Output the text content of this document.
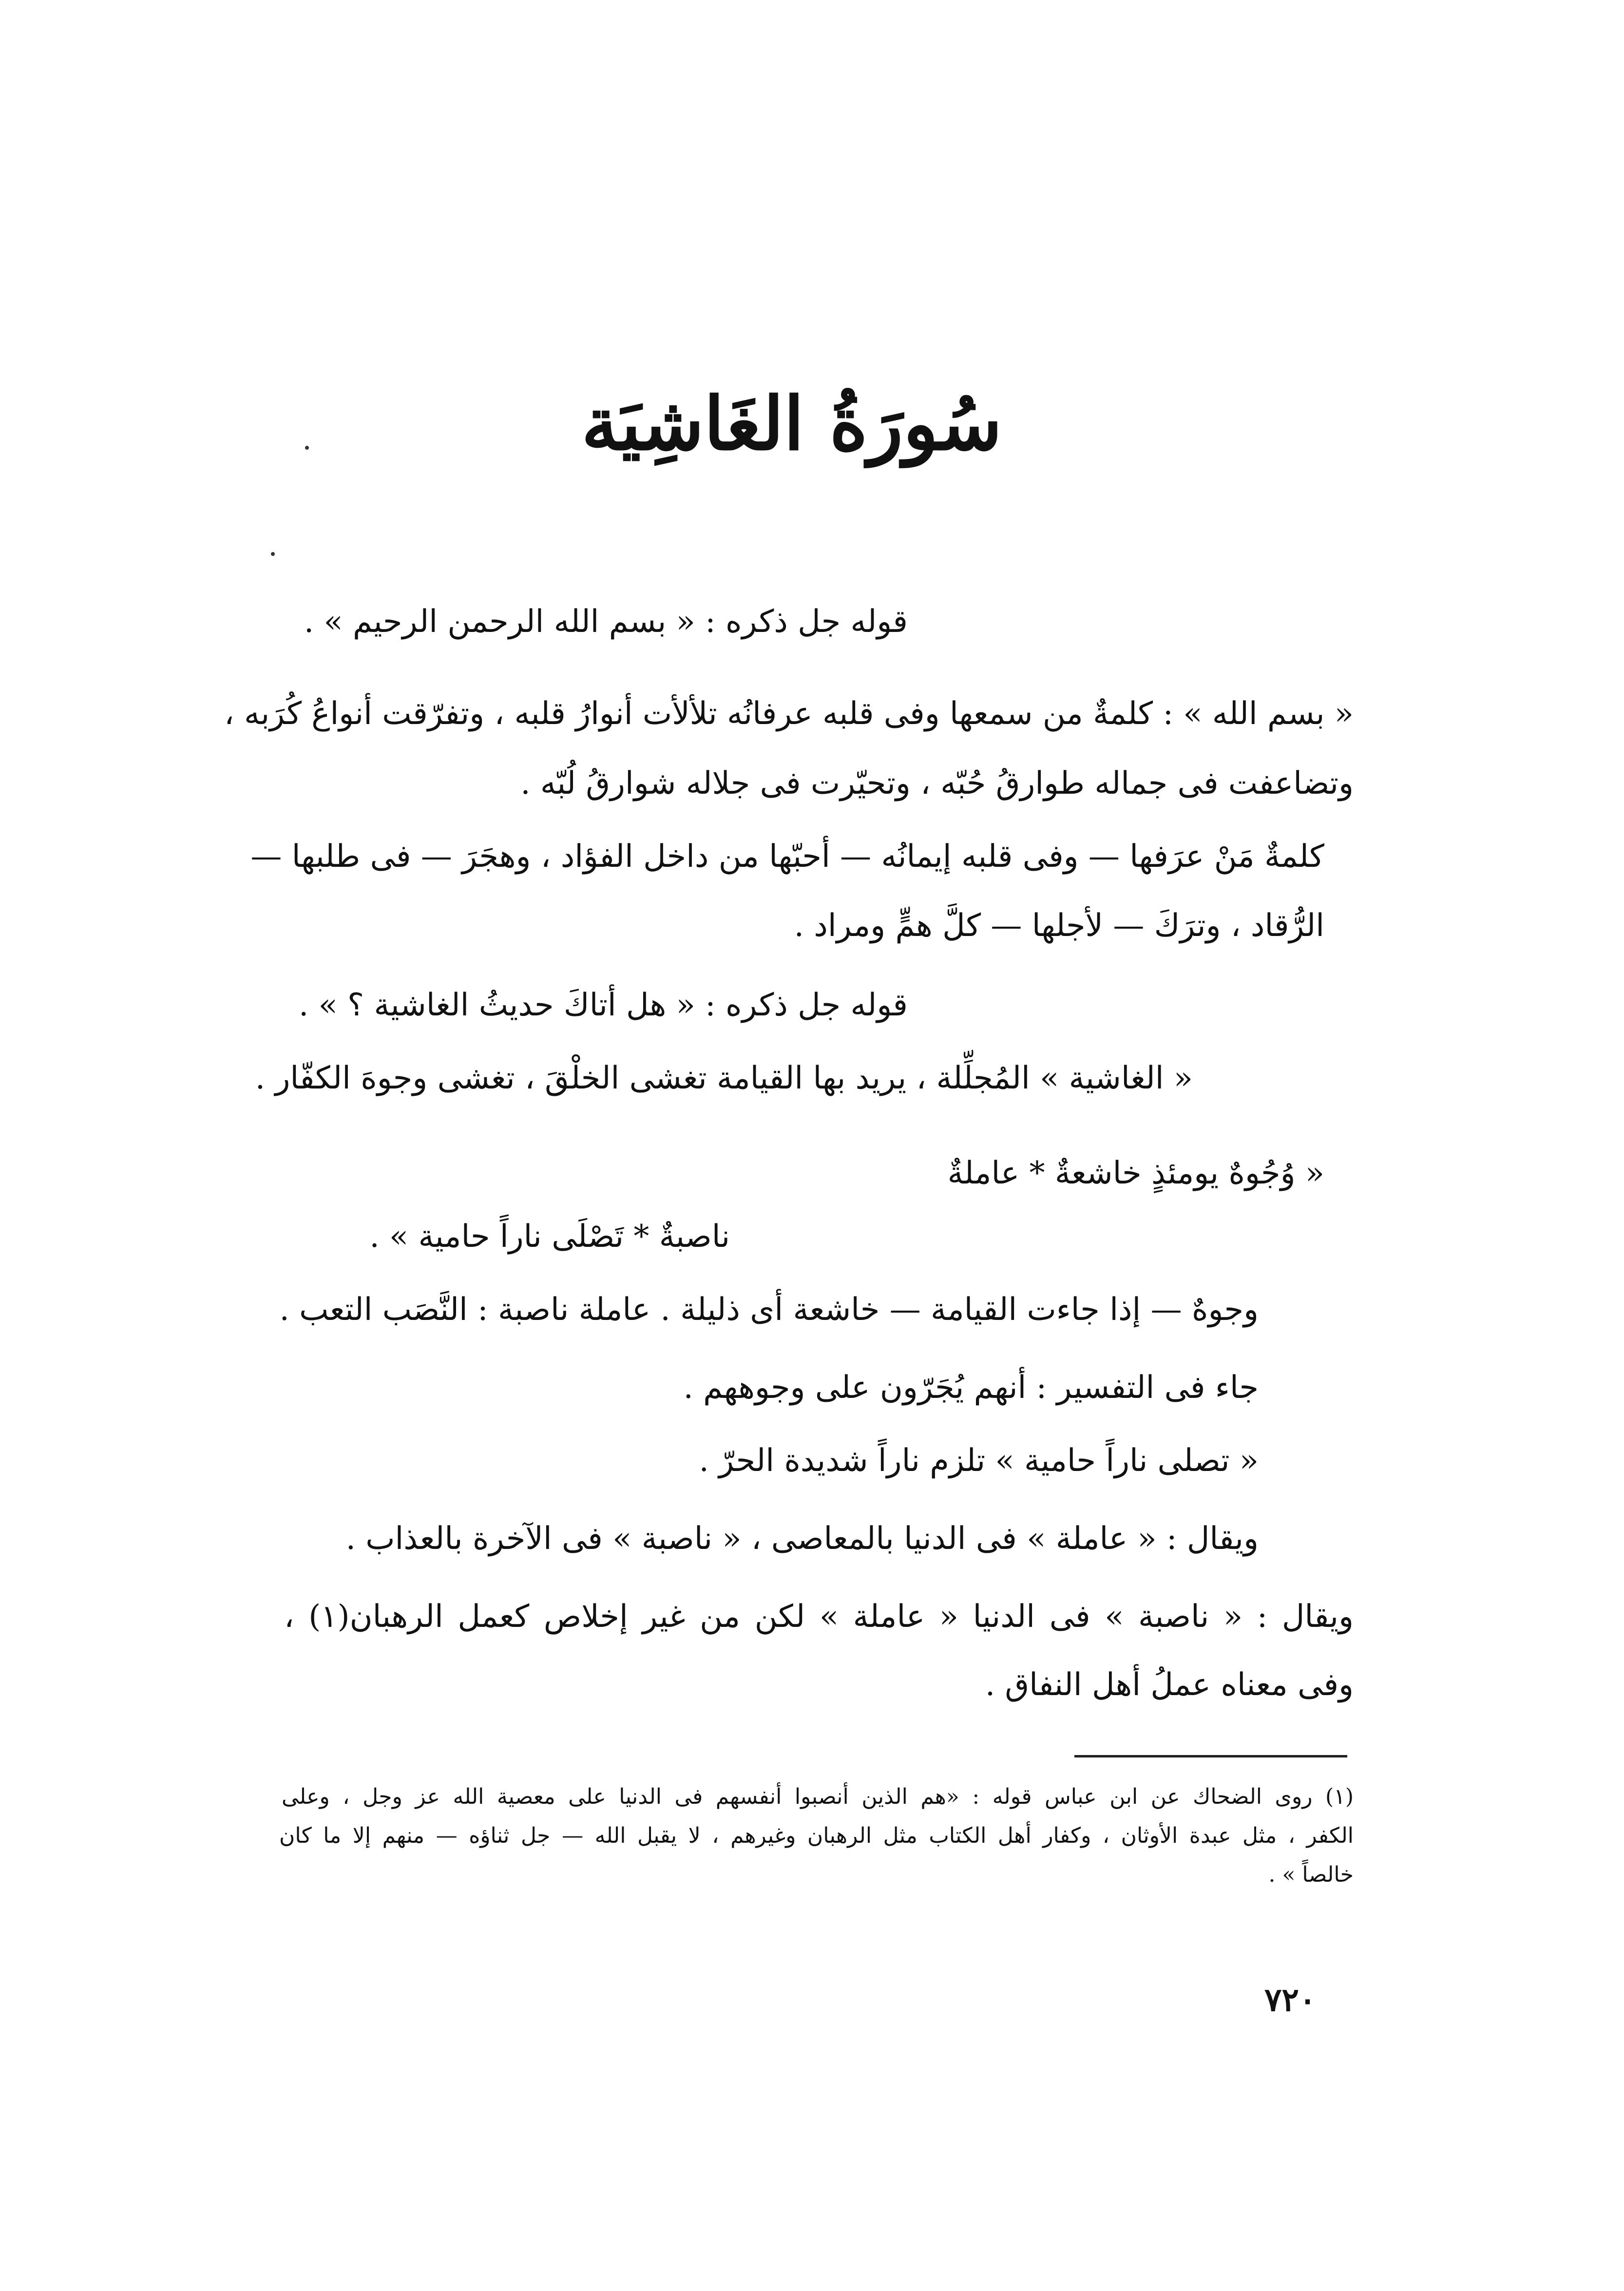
سُورَةُ الغَاشِيَة
قوله جل ذكره : « بسم الله الرحمن الرحيم » .
« بسم الله » : كلمةٌ من سمعها وفى قلبه عرفانُه تلألأت أنوارُ قلبه ، وتفرّقت أنواعُ كُرَبه ،
وتضاعفت فى جماله طوارقُ حُبّه ، وتحيّرت فى جلاله شوارقُ لُبّه .
كلمةٌ مَنْ عرَفها — وفى قلبه إيمانُه — أحبّها من داخل الفؤاد ، وهجَرَ — فى طلبها —
الرُّقاد ، وترَكَ — لأجلها — كلَّ همٍّ ومراد .
قوله جل ذكره : « هل أتاكَ حديثُ الغاشية ؟ » .
« الغاشية » المُجلِّلة ، يريد بها القيامة تغشى الخلْقَ ، تغشى وجوهَ الكفّار .
« وُجُوهٌ يومئذٍ خاشعةٌ * عاملةٌ
ناصبةٌ * تَصْلَى ناراً حامية » .
وجوهٌ — إذا جاءت القيامة — خاشعة أى ذليلة . عاملة ناصبة : النَّصَب التعب .
جاء فى التفسير : أنهم يُجَرّون على وجوههم .
« تصلى ناراً حامية » تلزم ناراً شديدة الحرّ .
ويقال : « عاملة » فى الدنيا بالمعاصى ، « ناصبة » فى الآخرة بالعذاب .
ويقال : « ناصبة » فى الدنيا « عاملة » لكن من غير إخلاص كعمل الرهبان(١) ،
وفى معناه عملُ أهل النفاق .
(١) روى الضحاك عن ابن عباس قوله : «هم الذين أنصبوا أنفسهم فى الدنيا على معصية الله عز وجل ، وعلى
الكفر ، مثل عبدة الأوثان ، وكفار أهل الكتاب مثل الرهبان وغيرهم ، لا يقبل الله — جل ثناؤه — منهم إلا ما كان
خالصاً » .
٧٢٠
